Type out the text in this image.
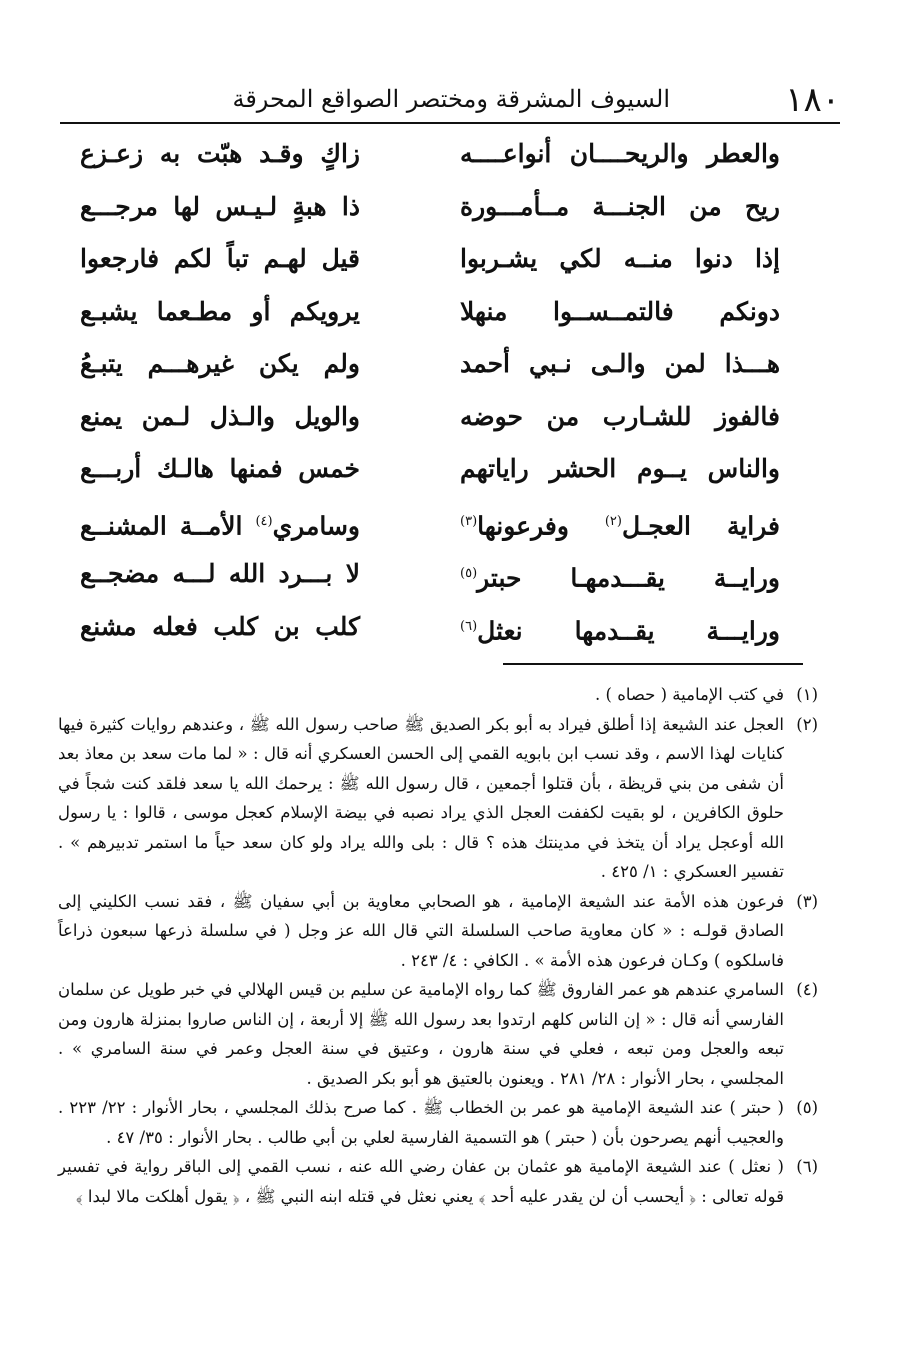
١٨٠
السيوف المشرقة ومختصر الصواقع المحرقة
والعطر والريحــــان أنواعــــه
زاكٍ وقـد هبّت به زعـزع
ريح من الجنـــة مــأمـــورة
ذا هبةٍ لـيـس لها مرجـــع
إذا دنوا منــه لكي يشـربوا
قيل لهـم تباً لكم فارجعوا
دونكم فالتمــســوا منهلا
يرويكم أو مطـعما يشبـع
هـــذا لمن والـى نـبي أحمد
ولم يكن غيرهـــم يتبـعُ
فالفوز للشـارب من حوضه
والويل والـذل لـمن يمنع
والناس يــوم الحشر راياتهم
خمس فمنها هالـك أربـــع
فراية العجـل$^{(٢)}$ وفرعونها$^{(٣)}$
وسامري$^{(٤)}$ الأمــة المشنــع
ورايــة يقـــدمهـا حبتر$^{(٥)}$
لا بـــرد الله لـــه مضجــع
ورايـــة يقــدمها نعثل$^{(٦)}$
كلب بن كلب فعله مشنع
(١)
في كتب الإمامية ( حصاه ) .
(٢)
العجل عند الشيعة إذا أطلق فيراد به أبو بكر الصديق ﷺ صاحب رسول الله ﷺ ، وعندهم روايات كثيرة فيها كنايات لهذا الاسم ، وقد نسب ابن بابويه القمي إلى الحسن العسكري أنه قال : « لما مات سعد بن معاذ بعد أن شفى من بني قريظة ، بأن قتلوا أجمعين ، قال رسول الله ﷺ : يرحمك الله يا سعد فلقد كنت شجاً في حلوق الكافرين ، لو بقيت لكففت العجل الذي يراد نصبه في بيضة الإسلام كعجل موسى ، قالوا : يا رسول الله أوعجل يراد أن يتخذ في مدينتك هذه ؟ قال : بلى والله يراد ولو كان سعد حياً ما استمر تدبيرهم » . تفسير العسكري : ١/ ٤٢٥ .
(٣)
فرعون هذه الأمة عند الشيعة الإمامية ، هو الصحابي معاوية بن أبي سفيان ﷺ ، فقد نسب الكليني إلى الصادق قولـه : « كان معاوية صاحب السلسلة التي قال الله عز وجل ( في سلسلة ذرعها سبعون ذراعاً فاسلكوه ) وكـان فرعون هذه الأمة » . الكافي : ٤/ ٢٤٣ .
(٤)
السامري عندهم هو عمر الفاروق ﷺ كما رواه الإمامية عن سليم بن قيس الهلالي في خبر طويل عن سلمان الفارسي أنه قال : « إن الناس كلهم ارتدوا بعد رسول الله ﷺ إلا أربعة ، إن الناس صاروا بمنزلة هارون ومن تبعه والعجل ومن تبعه ، فعلي في سنة هارون ، وعتيق في سنة العجل وعمر في سنة السامري » . المجلسي ، بحار الأنوار : ٢٨/ ٢٨١ . ويعنون بالعتيق هو أبو بكر الصديق .
(٥)
( حبتر ) عند الشيعة الإمامية هو عمر بن الخطاب ﷺ . كما صرح بذلك المجلسي ، بحار الأنوار : ٢٢/ ٢٢٣ . والعجيب أنهم يصرحون بأن ( حبتر ) هو التسمية الفارسية لعلي بن أبي طالب . بحار الأنوار : ٣٥/ ٤٧ .
(٦)
( نعثل ) عند الشيعة الإمامية هو عثمان بن عفان رضي الله عنه ، نسب القمي إلى الباقر رواية في تفسير قوله تعالى : ﴿ أيحسب أن لن يقدر عليه أحد ﴾ يعني نعثل في قتله ابنه النبي ﷺ ، ﴿ يقول أهلكت مالا لبدا ﴾
